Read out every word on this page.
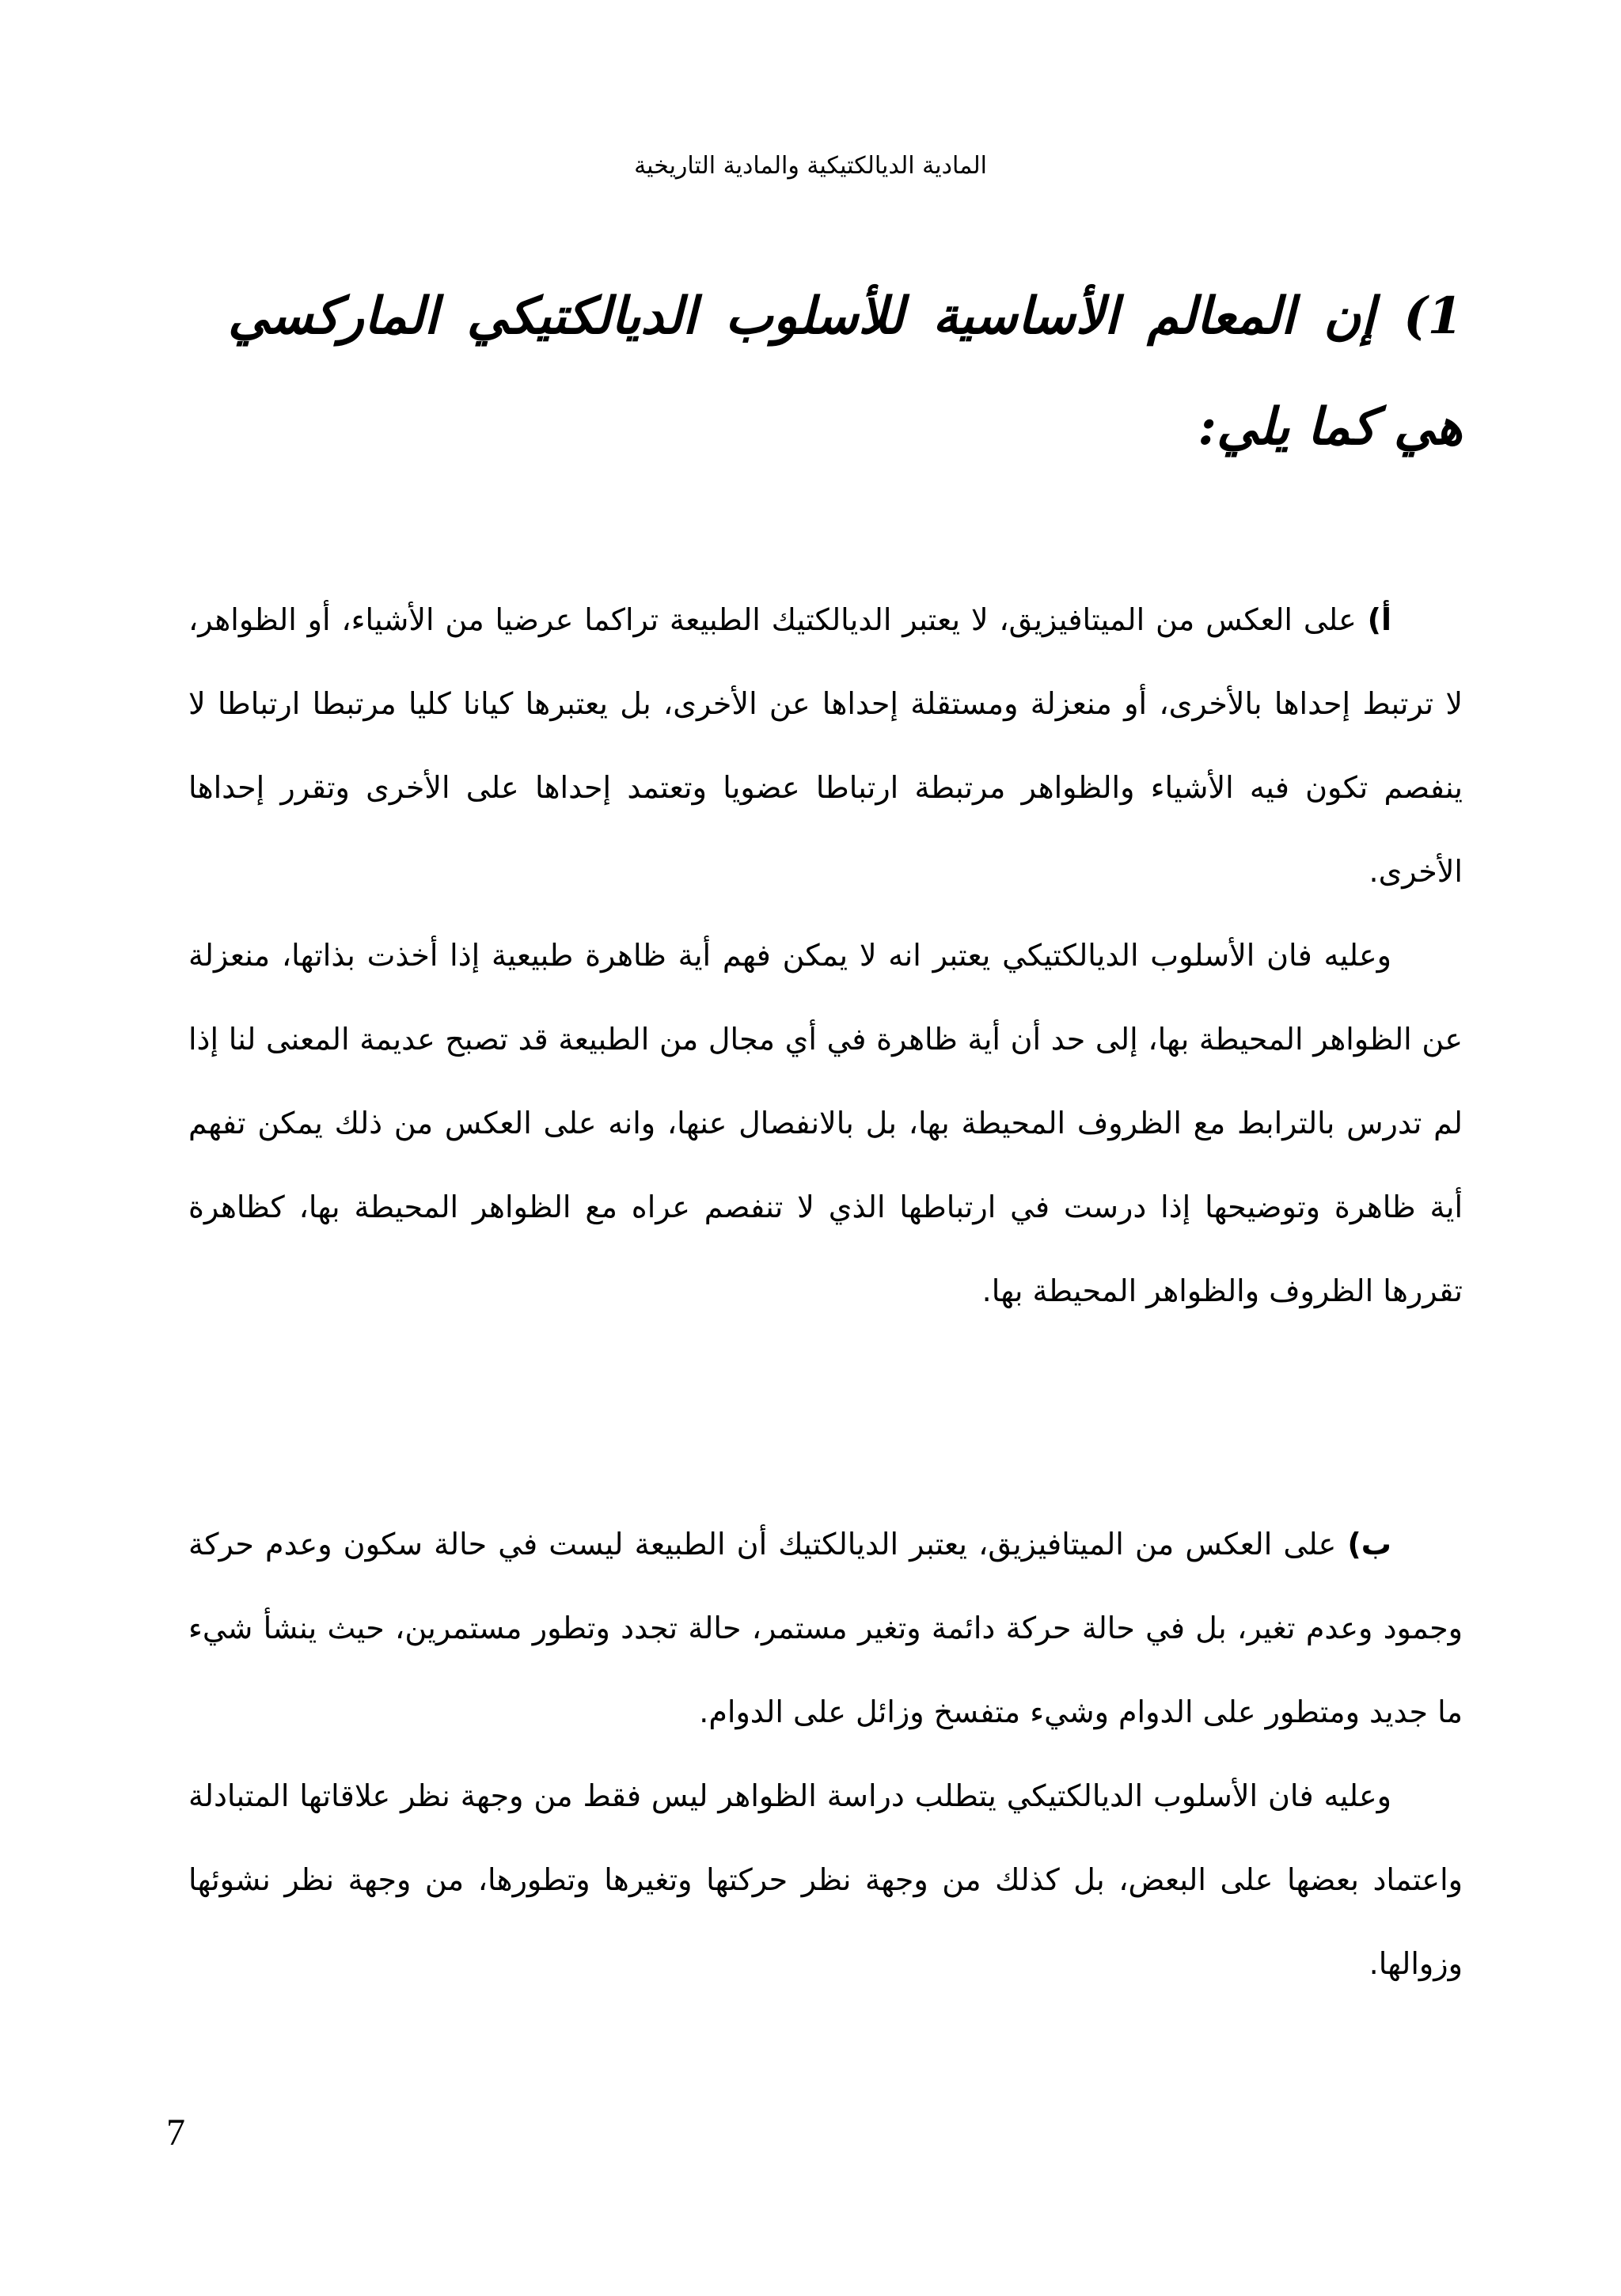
المادية الديالكتيكية والمادية التاريخية
1) إن المعالم الأساسية للأسلوب الديالكتيكي الماركسي هي كما يلي:

أ) على العكس من الميتافيزيق، لا يعتبر الديالكتيك الطبيعة تراكما عرضيا من الأشياء، أو الظواهر، لا ترتبط إحداها بالأخرى، أو منعزلة ومستقلة إحداها عن الأخرى، بل يعتبرها كيانا كليا مرتبطا ارتباطا لا ينفصم تكون فيه الأشياء والظواهر مرتبطة ارتباطا عضويا وتعتمد إحداها على الأخرى وتقرر إحداها الأخرى.

وعليه فان الأسلوب الديالكتيكي يعتبر انه لا يمكن فهم أية ظاهرة طبيعية إذا أخذت بذاتها، منعزلة عن الظواهر المحيطة بها، إلى حد أن أية ظاهرة في أي مجال من الطبيعة قد تصبح عديمة المعنى لنا إذا لم تدرس بالترابط مع الظروف المحيطة بها، بل بالانفصال عنها، وانه على العكس من ذلك يمكن تفهم أية ظاهرة وتوضيحها إذا درست في ارتباطها الذي لا تنفصم عراه مع الظواهر المحيطة بها، كظاهرة تقررها الظروف والظواهر المحيطة بها.

ب) على العكس من الميتافيزيق، يعتبر الديالكتيك أن الطبيعة ليست في حالة سكون وعدم حركة وجمود وعدم تغير، بل في حالة حركة دائمة وتغير مستمر، حالة تجدد وتطور مستمرين، حيث ينشأ شيء ما جديد ومتطور على الدوام وشيء متفسخ وزائل على الدوام.

وعليه فان الأسلوب الديالكتيكي يتطلب دراسة الظواهر ليس فقط من وجهة نظر علاقاتها المتبادلة واعتماد بعضها على البعض، بل كذلك من وجهة نظر حركتها وتغيرها وتطورها، من وجهة نظر نشوئها وزوالها.

7
